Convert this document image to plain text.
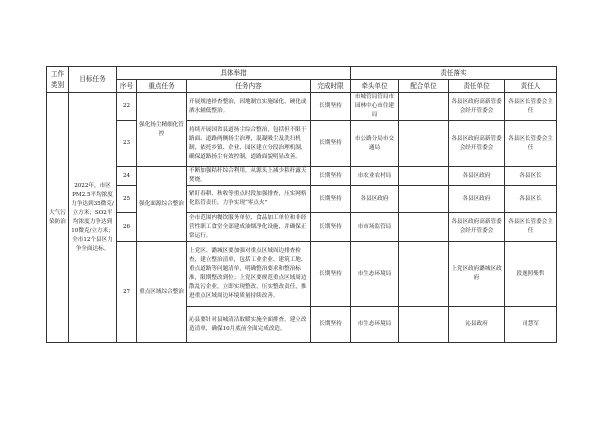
工作类别	目标任务	具体举措				责任落实			
		序号	重点任务	任务内容	完成时限	牵头单位	配合单位	责任单位	责任人
大气污染防治	2022年，市区PM2.5平均浓度力争达到35微克/立方米；SO2平均浓度力争达到10微克/立方米；全市12个县区力争全面达标。	22	强化扬尘精细化管控	开展规池择查整治，因地制宜实施绿化、硬化或洒水辅低整治。	长期坚持	市城管局管局市园林中心市住建局		各县区政府高新管委会经开管委会	各县区长管委会主任
		23		持续开展国省县道扬尘综合整治，包括但不限于路面、道路两侧扬尘治理，混凝吸尘及洗扫机制，依托乡镇、企业、园区建立分段治理机制，确保道路扬尘有效控制，道路面貌明显改善。	长期坚持	市公路分局市交通局		各县区政府高新管委会经开管委会	各县区长管委会主任
		24	强化面源综合整治	不断加强秸秆综合利用，从源头上减少秸秆露天焚烧。	长期坚持	市农业农村局		各县区政府	各县区长
		25		紧盯春耕、秋收等重点时段加强排查，压实网格化监管责任，力争实现“零点火”	长期坚持	各县区政府		各县区政府	各县区长
		26		全市范围内餐饮服务单位、食品加工单位和非经营性职工食堂全部建成油烟净化设施，并确保正常运行。	长期坚持	市市场监管局		各县区政府高新管委会经开管委会	各县区长管委会主任
		27	重点区域综合整治	上党区、潞城区要加强对重点区域周边排查检查，建立整治清单，包括工业企业、建筑工地、重点道路等问题清单，明确整治要求和整治标准，限期整改到位；上党区要规范重点区域周边散乱污企业，立即实现整改，压实整改责任，推进重点区域周边环境质量持续改善。	长期坚持	市生态环境局		上党区政府潞城区政府	段逸照柴哲
				沁县要针对县城清洁取暖实施全面排查，建立改造清单，确保10月底前全面完成改造。	长期坚持	市生态环境局		沁县政府	司慧军
